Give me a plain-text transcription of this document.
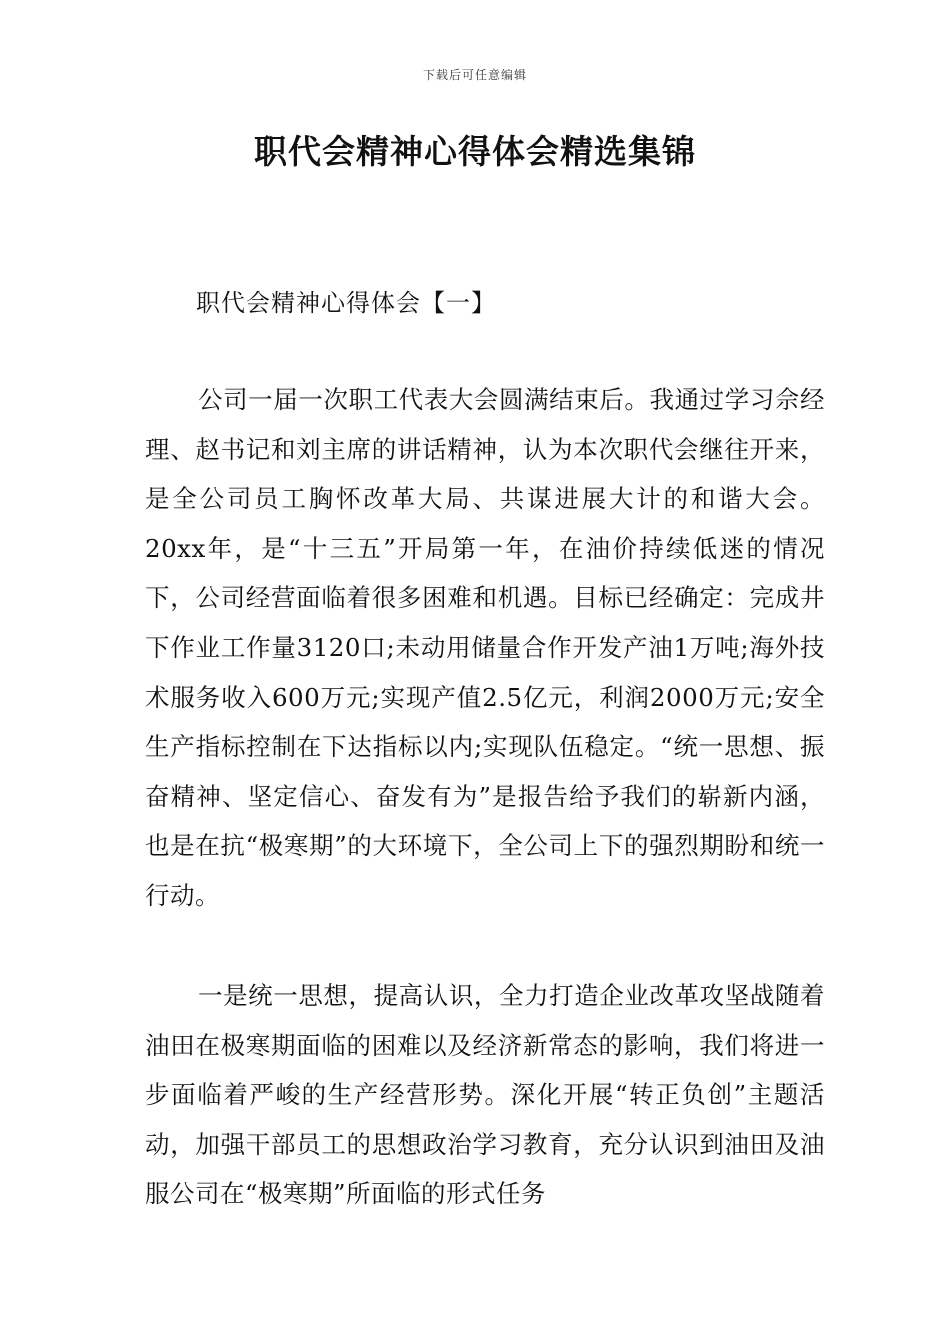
下载后可任意编辑
职代会精神心得体会精选集锦
职代会精神心得体会【一】

公司一届一次职工代表大会圆满结束后。我通过学习佘经理、赵书记和刘主席的讲话精神，认为本次职代会继往开来，是全公司员工胸怀改革大局、共谋进展大计的和谐大会。20xx年，是“十三五”开局第一年，在油价持续低迷的情况下，公司经营面临着很多困难和机遇。目标已经确定：完成井下作业工作量3120口;未动用储量合作开发产油1万吨;海外技术服务收入600万元;实现产值2.5亿元，利润2000万元;安全生产指标控制在下达指标以内;实现队伍稳定。“统一思想、振奋精神、坚定信心、奋发有为”是报告给予我们的崭新内涵，也是在抗“极寒期”的大环境下，全公司上下的强烈期盼和统一行动。

一是统一思想，提高认识，全力打造企业改革攻坚战随着油田在极寒期面临的困难以及经济新常态的影响，我们将进一步面临着严峻的生产经营形势。深化开展“转正负创”主题活动，加强干部员工的思想政治学习教育，充分认识到油田及油服公司在“极寒期”所面临的形式任务
